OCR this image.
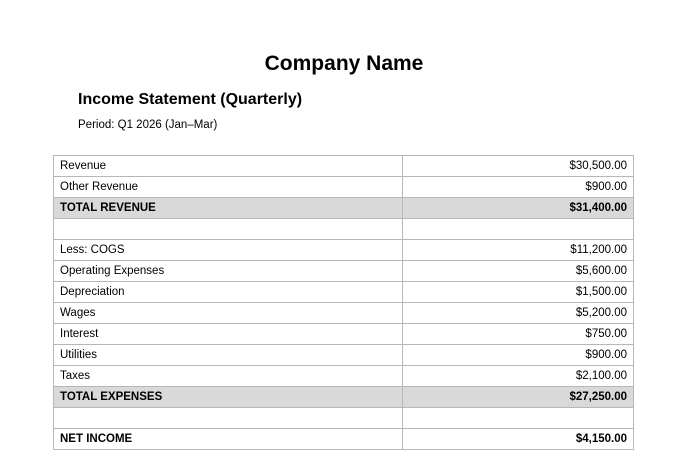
Company Name
Income Statement (Quarterly)
Period: Q1 2026 (Jan–Mar)
Revenue	$30,500.00
Other Revenue	$900.00
TOTAL REVENUE	$31,400.00

Less: COGS	$11,200.00
Operating Expenses	$5,600.00
Depreciation	$1,500.00
Wages	$5,200.00
Interest	$750.00
Utilities	$900.00
Taxes	$2,100.00
TOTAL EXPENSES	$27,250.00

NET INCOME	$4,150.00
